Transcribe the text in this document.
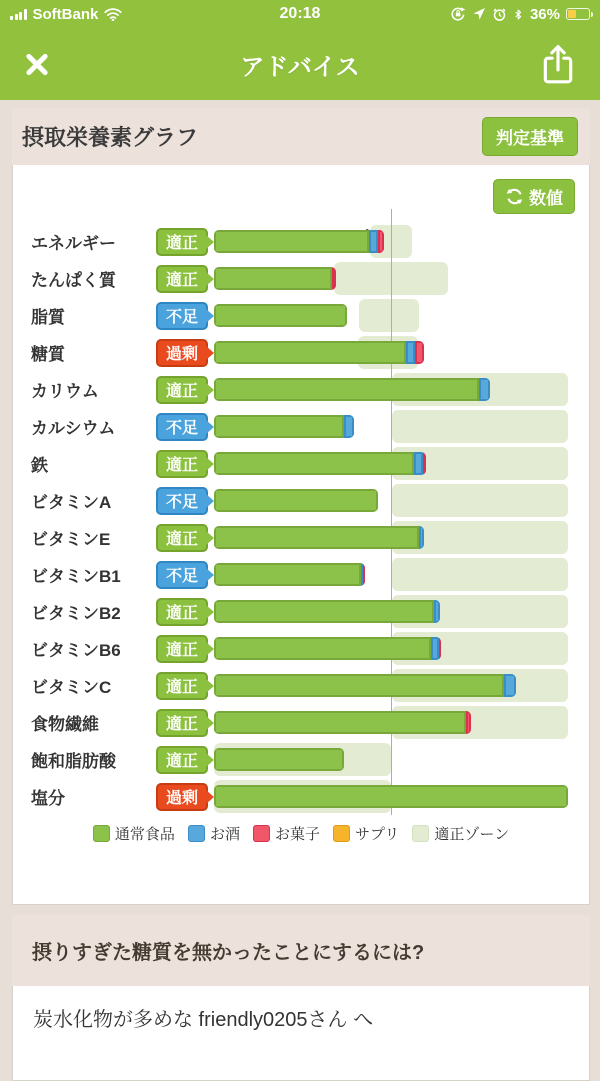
SoftBank	20:18	36%
アドバイス
摂取栄養素グラフ	判定基準
数値
エネルギー	適正
たんぱく質	適正
脂質	不足
糖質	過剰
カリウム	適正
カルシウム	不足
鉄	適正
ビタミンA	不足
ビタミンE	適正
ビタミンB1	不足
ビタミンB2	適正
ビタミンB6	適正
ビタミンC	適正
食物繊維	適正
飽和脂肪酸	適正
塩分	過剰
通常食品 お酒 お菓子 サプリ 適正ゾーン
摂りすぎた糖質を無かったことにするには?
炭水化物が多めな friendly0205さん へ
